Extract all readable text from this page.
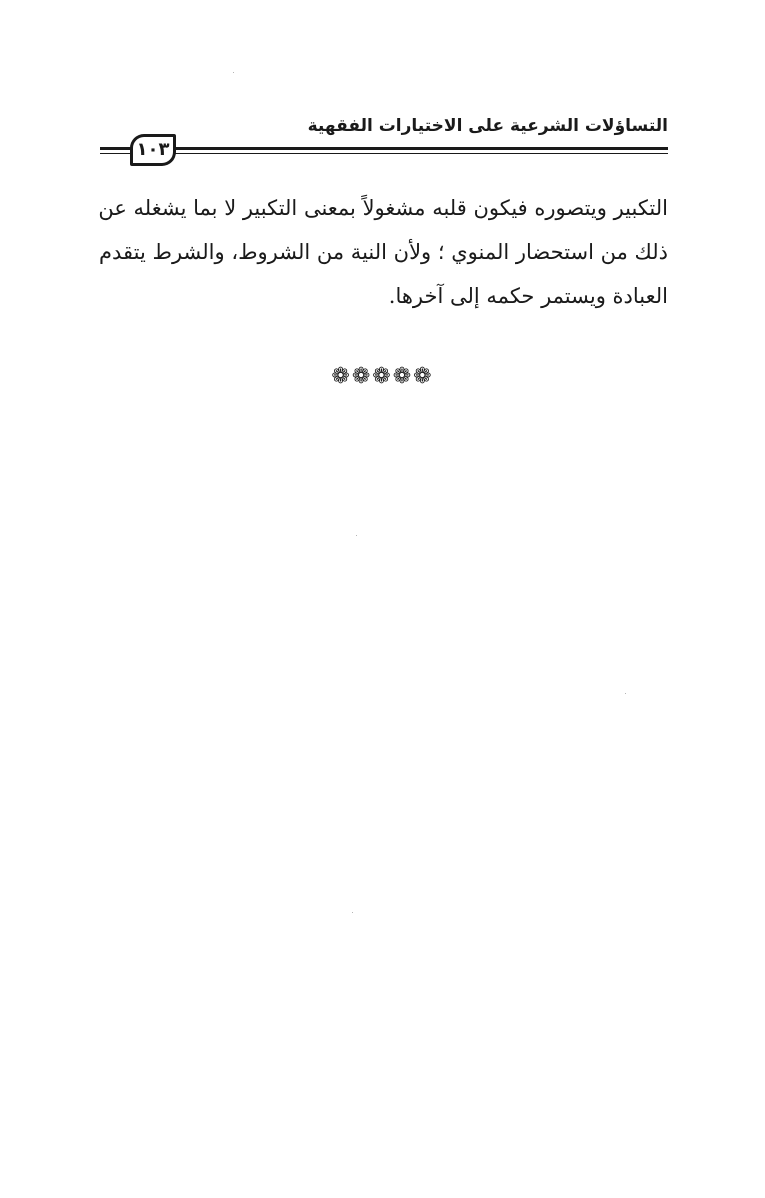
التساؤلات الشرعية على الاختيارات الفقهية
١٠٣
التكبير ويتصوره فيكون قلبه مشغولاً بمعنى التكبير لا بما يشغله عن
ذلك من استحضار المنوي ؛ ولأن النية من الشروط، والشرط يتقدم
العبادة ويستمر حكمه إلى آخرها.
❁❁❁❁❁
